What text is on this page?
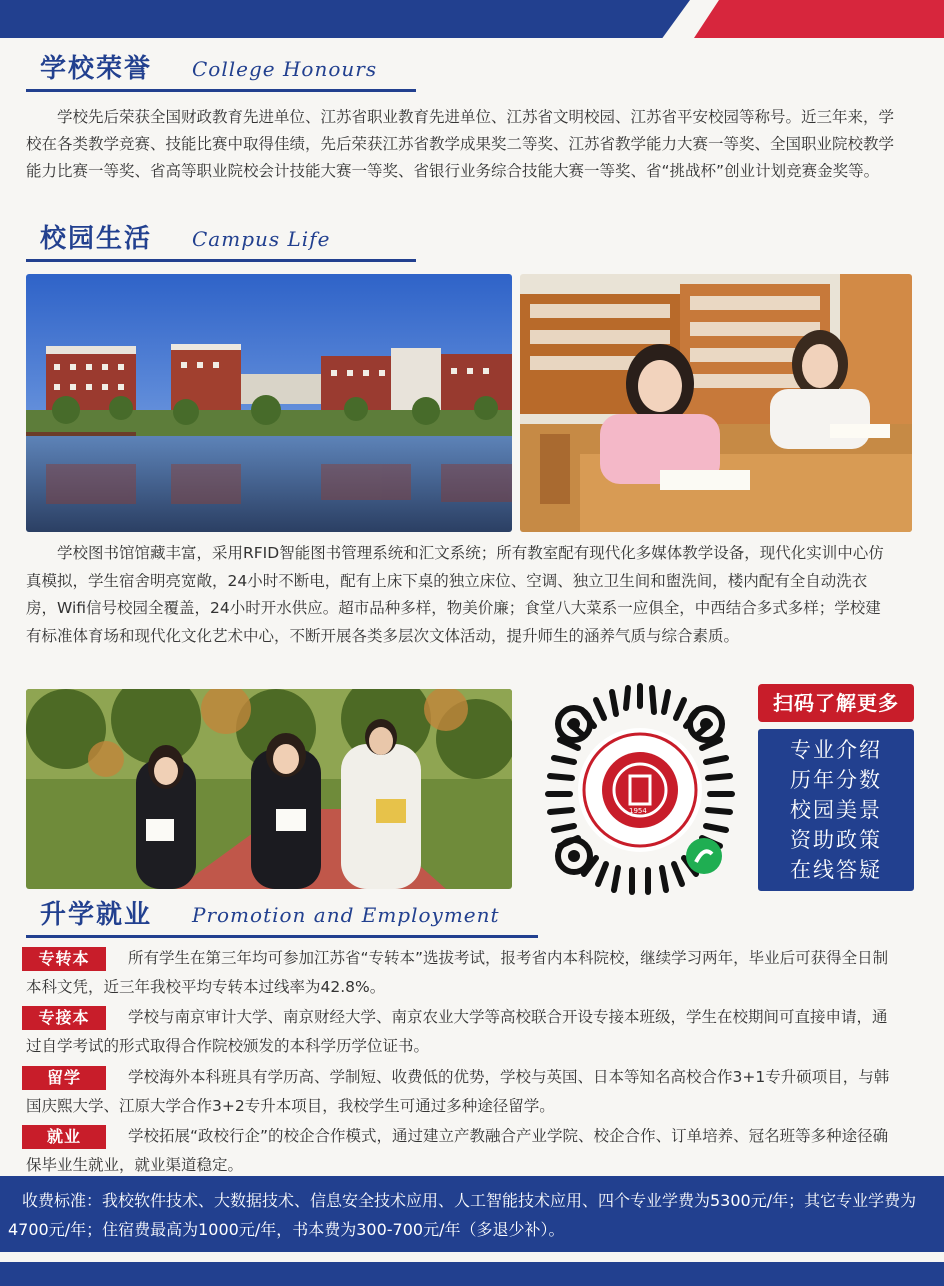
学校荣誉 College Honours

学校先后荣获全国财政教育先进单位、江苏省职业教育先进单位、江苏省文明校园、江苏省平安校园等称号。近三年来，学校在各类教学竞赛、技能比赛中取得佳绩，先后荣获江苏省教学成果奖二等奖、江苏省教学能力大赛一等奖、全国职业院校教学能力比赛一等奖、省高等职业院校会计技能大赛一等奖、省银行业务综合技能大赛一等奖、省“挑战杯”创业计划竞赛金奖等。

校园生活 Campus Life

学校图书馆馆藏丰富，采用RFID智能图书管理系统和汇文系统；所有教室配有现代化多媒体教学设备，现代化实训中心仿真模拟，学生宿舍明亮宽敞，24小时不断电，配有上床下桌的独立床位、空调、独立卫生间和盥洗间，楼内配有全自动洗衣房，Wifi信号校园全覆盖，24小时开水供应。超市品种多样，物美价廉；食堂八大菜系一应俱全，中西结合多式多样；学校建有标准体育场和现代化文化艺术中心，不断开展各类多层次文体活动，提升师生的涵养气质与综合素质。

1954
扫码了解更多
专业介绍
历年分数
校园美景
资助政策
在线答疑
升学就业 Promotion and Employment
专转本	所有学生在第三年均可参加江苏省“专转本”选拔考试，报考省内本科院校，继续学习两年，毕业后可获得全日制本科文凭，近三年我校平均专转本过线率为42.8%。

专接本	学校与南京审计大学、南京财经大学、南京农业大学等高校联合开设专接本班级，学生在校期间可直接申请，通过自学考试的形式取得合作院校颁发的本科学历学位证书。

留学	学校海外本科班具有学历高、学制短、收费低的优势，学校与英国、日本等知名高校合作3+1专升硕项目，与韩国庆熙大学、江原大学合作3+2专升本项目，我校学生可通过多种途径留学。

就业	学校拓展“政校行企”的校企合作模式，通过建立产教融合产业学院、校企合作、订单培养、冠名班等多种途径确保毕业生就业，就业渠道稳定。

收费标准：我校软件技术、大数据技术、信息安全技术应用、人工智能技术应用、四个专业学费为5300元/年；其它专业学费为4700元/年；住宿费最高为1000元/年，书本费为300-700元/年（多退少补）。
